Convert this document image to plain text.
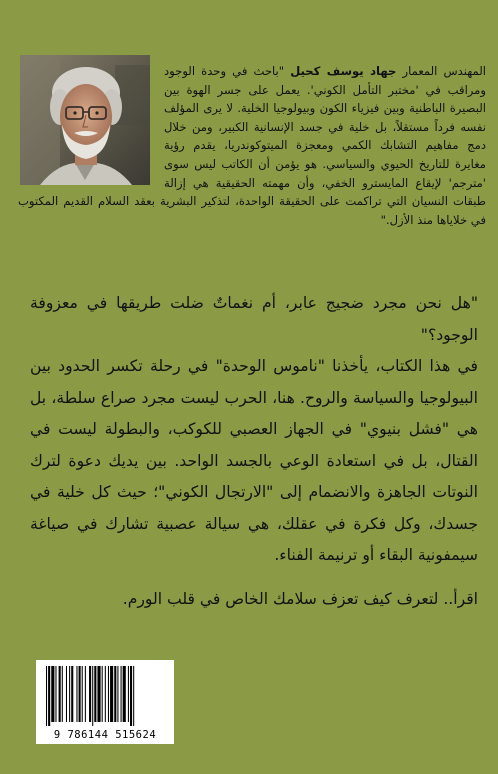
المهندس المعمار جهاد يوسف كحيل "باحث في وحدة الوجود ومراقب في 'مختبر التأمل الكوني'. يعمل على جسر الهوة بين البصيرة الباطنية وبين فيزياء الكون وبيولوجيا الخلية. لا يرى المؤلف نفسه فرداً مستقلاً، بل خلية في جسد الإنسانية الكبير، ومن خلال دمج مفاهيم التشابك الكمي ومعجزة الميتوكوندريا، يقدم رؤية مغايرة للتاريخ الحيوي والسياسي. هو يؤمن أن الكاتب ليس سوى 'مترجم' لإيقاع المايسترو الخفي، وأن مهمته الحقيقية هي إزالة طبقات النسيان التي تراكمت على الحقيقة الواحدة، لتذكير البشرية بعقد السلام القديم المكتوب في خلاياها منذ الأزل."

"هل نحن مجرد ضجيج عابر، أم نغماتٌ ضلت طريقها في معزوفة الوجود؟"

في هذا الكتاب، يأخذنا "ناموس الوحدة" في رحلة تكسر الحدود بين البيولوجيا والسياسة والروح. هنا، الحرب ليست مجرد صراع سلطة، بل هي "فشل بنيوي" في الجهاز العصبي للكوكب، والبطولة ليست في القتال، بل في استعادة الوعي بالجسد الواحد. بين يديك دعوة لترك النوتات الجاهزة والانضمام إلى "الارتجال الكوني"؛ حيث كل خلية في جسدك، وكل فكرة في عقلك، هي سيالة عصبية تشارك في صياغة سيمفونية البقاء أو ترنيمة الفناء.

اقرأ.. لتعرف كيف تعزف سلامك الخاص في قلب الورم.

9 786144 515624
